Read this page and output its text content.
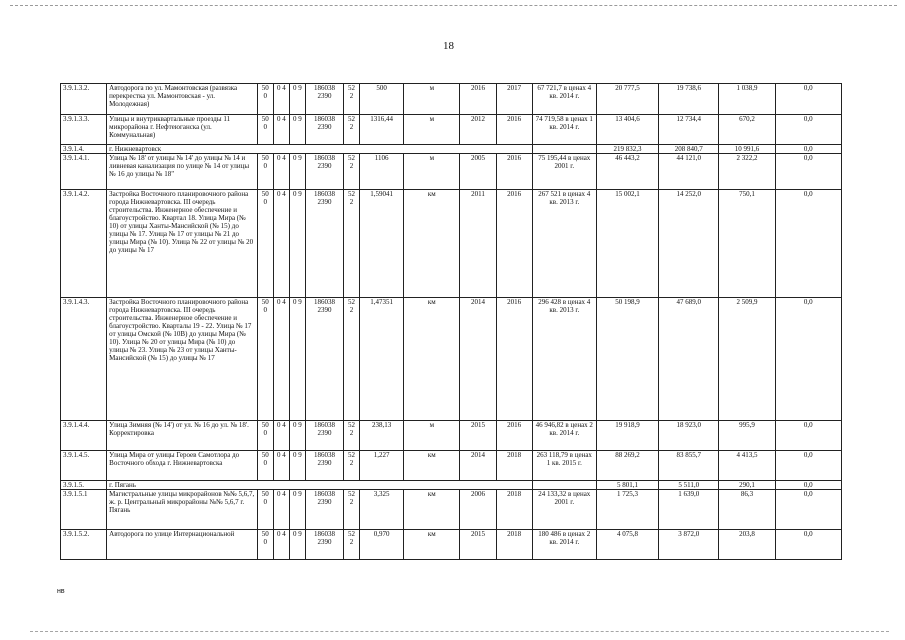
18
3.9.1.3.2.	Автодорога по ул. Мамонтовская (развязка перекрестка ул. Мамонтовская - ул. Молодежная)	50 0	0 4	0 9	186038 2390	52 2	500	м	2016	2017	67 721,7 в ценах 4 кв. 2014 г.	20 777,5	19 738,6	1 038,9	0,0
3.9.1.3.3.	Улицы и внутриквартальные проезды 11 микрорайона г. Нефтеюганска (ул. Коммунальная)	50 0	0 4	0 9	186038 2390	52 2	1316,44	м	2012	2016	74 719,58 в ценах 1 кв. 2014 г.	13 404,6	12 734,4	670,2	0,0
3.9.1.4.	г. Нижневартовск											219 832,3	208 840,7	10 991,6	0,0
3.9.1.4.1.	Улица № 18' от улицы № 14' до улицы № 14 и ливневая канализация по улице № 14 от улицы № 16 до улицы № 18"	50 0	0 4	0 9	186038 2390	52 2	1106	м	2005	2016	75 195,44 в ценах 2001 г.	46 443,2	44 121,0	2 322,2	0,0
3.9.1.4.2.	Застройка Восточного планировочного района города Нижневартовска. III очередь строительства. Инженерное обеспечение и благоустройство. Квартал 18. Улица Мира (№ 10) от улицы Ханты-Мансийской (№ 15) до улицы № 17. Улица № 17 от улицы № 21 до улицы Мира (№ 10). Улица № 22 от улицы № 20 до улицы № 17	50 0	0 4	0 9	186038 2390	52 2	1,59041	км	2011	2016	267 521 в ценах 4 кв. 2013 г.	15 002,1	14 252,0	750,1	0,0
3.9.1.4.3.	Застройка Восточного планировочного района города Нижневартовска. III очередь строительства. Инженерное обеспечение и благоустройство. Кварталы 19 - 22. Улица № 17 от улицы Омской (№ 10В) до улицы Мира (№ 10). Улица № 20 от улицы Мира (№ 10) до улицы № 23. Улица № 23 от улицы Ханты-Мансийской (№ 15) до улицы № 17	50 0	0 4	0 9	186038 2390	52 2	1,47351	км	2014	2016	296 428 в ценах 4 кв. 2013 г.	50 198,9	47 689,0	2 509,9	0,0
3.9.1.4.4.	Улица Зимняя (№ 14') от ул. № 16 до ул. № 18'. Корректировка	50 0	0 4	0 9	186038 2390	52 2	238,13	м	2015	2016	46 946,82 в ценах 2 кв. 2014 г.	19 918,9	18 923,0	995,9	0,0
3.9.1.4.5.	Улица Мира от улицы Героев Самотлора до Восточного обхода г. Нижневартовска	50 0	0 4	0 9	186038 2390	52 2	1,227	км	2014	2018	263 118,79 в ценах 1 кв. 2015 г.	88 269,2	83 855,7	4 413,5	0,0
3.9.1.5.	г. Пягань											5 801,1	5 511,0	290,1	0,0
3.9.1.5.1	Магистральные улицы микрорайонов №№ 5,6,7, ж. р. Центральный микрорайоны №№ 5,6,7 г. Пягань	50 0	0 4	0 9	186038 2390	52 2	3,325	км	2006	2018	24 133,32 в ценах 2001 г.	1 725,3	1 639,0	86,3	0,0
3.9.1.5.2.	Автодорога по улице Интернациональной	50 0	0 4	0 9	186038 2390	52 2	0,970	км	2015	2018	180 486 в ценах 2 кв. 2014 г.	4 075,8	3 872,0	203,8	0,0
нв
